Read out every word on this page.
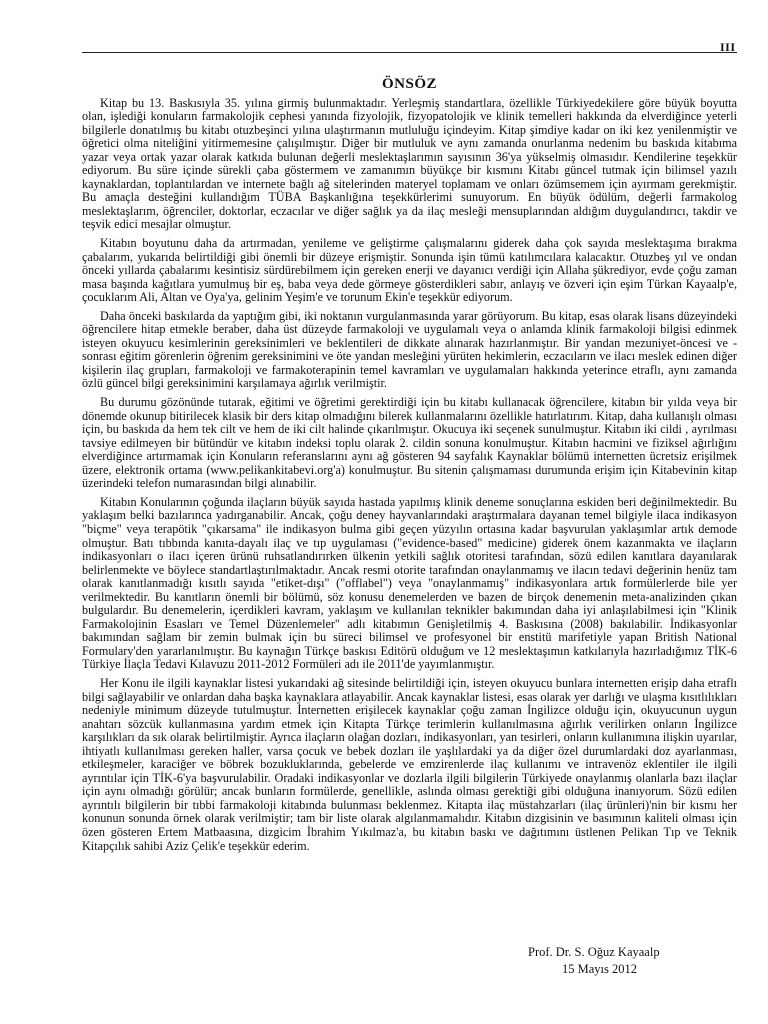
III
ÖNSÖZ

Kitap bu 13. Baskısıyla 35. yılına girmiş bulunmaktadır. Yerleşmiş standartlara, özellikle Türkiyedekilere göre büyük boyutta olan, işlediği konuların farmakolojik cephesi yanında fizyolojik, fizyopatolojik ve klinik temelleri hakkında da elverdiğince yeterli bilgilerle donatılmış bu kitabı otuzbeşinci yılına ulaştırmanın mutluluğu içindeyim. Kitap şimdiye kadar on iki kez yenilenmiştir ve öğretici olma niteliğini yitirmemesine çalışılmıştır. Diğer bir mutluluk ve aynı zamanda onurlanma nedenim bu baskıda kitabıma yazar veya ortak yazar olarak katkıda bulunan değerli meslektaşlarımın sayısının 36'ya yükselmiş olmasıdır. Kendilerine teşekkür ediyorum. Bu süre içinde sürekli çaba göstermem ve zamanımın büyükçe bir kısmını Kitabı güncel tutmak için bilimsel yazılı kaynaklardan, toplantılardan ve internete bağlı ağ sitelerinden materyel toplamam ve onları özümsemem için ayırmam gerekmiştir. Bu amaçla desteğini kullandığım TÜBA Başkanlığına teşekkürlerimi sunuyorum. En büyük ödülüm, değerli farmakolog meslektaşlarım, öğrenciler, doktorlar, eczacılar ve diğer sağlık ya da ilaç mesleği mensuplarından aldığım duygulandırıcı, takdir ve teşvik edici mesajlar olmuştur.

Kitabın boyutunu daha da artırmadan, yenileme ve geliştirme çalışmalarını giderek daha çok sayıda meslektaşıma bırakma çabalarım, yukarıda belirtildiği gibi önemli bir düzeye erişmiştir. Sonunda işin tümü katılımcılara kalacaktır. Otuzbeş yıl ve ondan önceki yıllarda çabalarımı kesintisiz sürdürebilmem için gereken enerji ve dayanıcı verdiği için Allaha şükrediyor, evde çoğu zaman masa başında kağıtlara yumulmuş bir eş, baba veya dede görmeye gösterdikleri sabır, anlayış ve özveri için eşim Türkan Kayaalp'e, çocuklarım Ali, Altan ve Oya'ya, gelinim Yeşim'e ve torunum Ekin'e teşekkür ediyorum.

Daha önceki baskılarda da yaptığım gibi, iki noktanın vurgulanmasında yarar görüyorum. Bu kitap, esas olarak lisans düzeyindeki öğrencilere hitap etmekle beraber, daha üst düzeyde farmakoloji ve uygulamalı veya o anlamda klinik farmakoloji bilgisi edinmek isteyen okuyucu kesimlerinin gereksinimleri ve beklentileri de dikkate alınarak hazırlanmıştır. Bir yandan mezuniyet-öncesi ve -sonrası eğitim görenlerin öğrenim gereksinimini ve öte yandan mesleğini yürüten hekimlerin, eczacıların ve ilacı meslek edinen diğer kişilerin ilaç grupları, farmakoloji ve farmakoterapinin temel kavramları ve uygulamaları hakkında yeterince etraflı, aynı zamanda özlü güncel bilgi gereksinimini karşılamaya ağırlık verilmiştir.

Bu durumu gözönünde tutarak, eğitimi ve öğretimi gerektirdiği için bu kitabı kullanacak öğrencilere, kitabın bir yılda veya bir dönemde okunup bitirilecek klasik bir ders kitap olmadığını bilerek kullanmalarını özellikle hatırlatırım. Kitap, daha kullanışlı olması için, bu baskıda da hem tek cilt ve hem de iki cilt halinde çıkarılmıştır. Okucuya iki seçenek sunulmuştur. Kitabın iki cildi , ayrılması tavsiye edilmeyen bir bütündür ve kitabın indeksi toplu olarak 2. cildin sonuna konulmuştur. Kitabın hacmini ve fiziksel ağırlığını elverdiğince artırmamak için Konuların referanslarını aynı ağ gösteren 94 sayfalık Kaynaklar bölümü internetten ücretsiz erişilmek üzere, elektronik ortama (www.pelikankitabevi.org'a) konulmuştur. Bu sitenin çalışmaması durumunda erişim için Kitabevinin kitap üzerindeki telefon numarasından bilgi alınabilir.

Kitabın Konularının çoğunda ilaçların büyük sayıda hastada yapılmış klinik deneme sonuçlarına eskiden beri değinilmektedir. Bu yaklaşım belki bazılarınca yadırganabilir. Ancak, çoğu deney hayvanlarındaki araştırmalara dayanan temel bilgiyle ilaca indikasyon "biçme" veya terapötik "çıkarsama" ile indikasyon bulma gibi geçen yüzyılın ortasına kadar başvurulan yaklaşımlar artık demode olmuştur. Batı tıbbında kanıta-dayalı ilaç ve tıp uygulaması ("evidence-based" medicine) giderek önem kazanmakta ve ilaçların indikasyonları o ilacı içeren ürünü ruhsatlandırırken ülkenin yetkili sağlık otoritesi tarafından, sözü edilen kanıtlara dayanılarak belirlenmekte ve böylece standartlaştırılmaktadır. Ancak resmi otorite tarafından onaylanmamış ve ilacın tedavi değerinin henüz tam olarak kanıtlanmadığı kısıtlı sayıda "etiket-dışı" ("offlabel") veya "onaylanmamış" indikasyonlara artık formülerlerde bile yer verilmektedir. Bu kanıtların önemli bir bölümü, söz konusu denemelerden ve bazen de birçok denemenin meta-analizinden çıkan bulgulardır. Bu denemelerin, içerdikleri kavram, yaklaşım ve kullanılan teknikler bakımından daha iyi anlaşılabilmesi için "Klinik Farmakolojinin Esasları ve Temel Düzenlemeler" adlı kitabımın Genişletilmiş 4. Baskısına (2008) bakılabilir. İndikasyonlar bakımından sağlam bir zemin bulmak için bu süreci bilimsel ve profesyonel bir enstitü marifetiyle yapan British National Formulary'den yararlanılmıştır. Bu kaynağın Türkçe baskısı Editörü olduğum ve 12 meslektaşımın katkılarıyla hazırladığımız TİK-6 Türkiye İlaçla Tedavi Kılavuzu 2011-2012 Formüleri adı ile 2011'de yayımlanmıştır.

Her Konu ile ilgili kaynaklar listesi yukarıdaki ağ sitesinde belirtildiği için, isteyen okuyucu bunlara internetten erişip daha etraflı bilgi sağlayabilir ve onlardan daha başka kaynaklara atlayabilir. Ancak kaynaklar listesi, esas olarak yer darlığı ve ulaşma kısıtlılıkları nedeniyle minimum düzeyde tutulmuştur. İnternetten erişilecek kaynaklar çoğu zaman İngilizce olduğu için, okuyucunun uygun anahtarı sözcük kullanmasına yardım etmek için Kitapta Türkçe terimlerin kullanılmasına ağırlık verilirken onların İngilizce karşılıkları da sık olarak belirtilmiştir. Ayrıca ilaçların olağan dozları, indikasyonları, yan tesirleri, onların kullanımına ilişkin uyarılar, ihtiyatlı kullanılması gereken haller, varsa çocuk ve bebek dozları ile yaşlılardaki ya da diğer özel durumlardaki doz ayarlanması, etkileşmeler, karaciğer ve böbrek bozukluklarında, gebelerde ve emzirenlerde ilaç kullanımı ve intravenöz eklentiler ile ilgili ayrıntılar için TİK-6'ya başvurulabilir. Oradaki indikasyonlar ve dozlarla ilgili bilgilerin Türkiyede onaylanmış olanlarla bazı ilaçlar için aynı olmadığı görülür; ancak bunların formülerde, genellikle, aslında olması gerektiği gibi olduğuna inanıyorum. Sözü edilen ayrıntılı bilgilerin bir tıbbi farmakoloji kitabında bulunması beklenmez. Kitapta ilaç müstahzarları (ilaç ürünleri)'nin bir kısmı her konunun sonunda örnek olarak verilmiştir; tam bir liste olarak algılanmamalıdır. Kitabın dizgisinin ve basımının kaliteli olması için özen gösteren Ertem Matbaasına, dizgicim İbrahim Yıkılmaz'a, bu kitabın baskı ve dağıtımını üstlenen Pelikan Tıp ve Teknik Kitapçılık sahibi Aziz Çelik'e teşekkür ederim.

Prof. Dr. S. Oğuz Kayaalp
15 Mayıs 2012
